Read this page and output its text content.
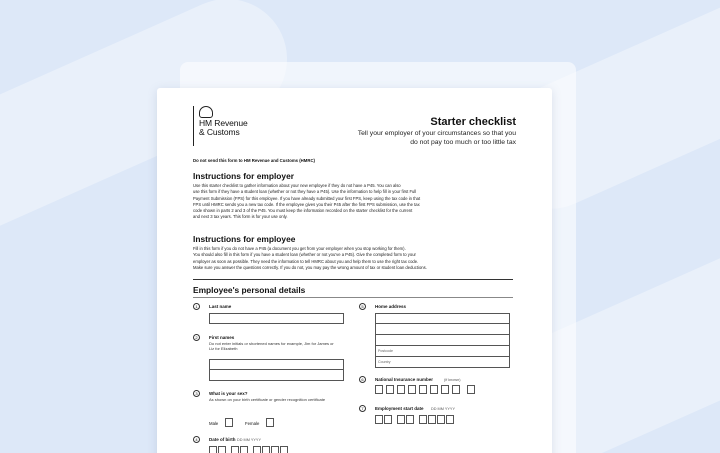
HM Revenue
& Customs
Starter checklist
Tell your employer of your circumstances so that you do not pay too much or too little tax
Do not send this form to HM Revenue and Customs (HMRC)
Instructions for employer
Use this starter checklist to gather information about your new employee if they do not have a P45. You can also
use this form if they have a student loan (whether or not they have a P45). Use the information to help fill in your first Full
Payment Submission (FPS) for this employee. If you have already submitted your first FPS, keep using the tax code in that
FPS until HMRC sends you a new tax code. If the employee gives you their P45 after the first FPS submission, use the tax
code shown in parts 2 and 3 of the P45. You must keep the information recorded on the starter checklist for the current
and next 3 tax years. This form is for your use only.
Instructions for employee
Fill in this form if you do not have a P45 (a document you get from your employer when you stop working for them).
You should also fill in this form if you have a student loan (whether or not you've a P45). Give the completed form to your
employer as soon as possible. They need the information to tell HMRC about you and help them to use the right tax code.
Make sure you answer the questions correctly. If you do not, you may pay the wrong amount of tax or student loan deductions.
Employee's personal details
1	Last name
2	First names
Do not enter initials or shortened names for example, Jim for James or Liz for Elizabeth
3	What is your sex?
As shown on your birth certificate or gender recognition certificate
Male	Female
4	Date of birth DD MM YYYY
5	Home address
Postcode
Country
6	National Insurance number	(if known)
7	Employment start date DD MM YYYY
